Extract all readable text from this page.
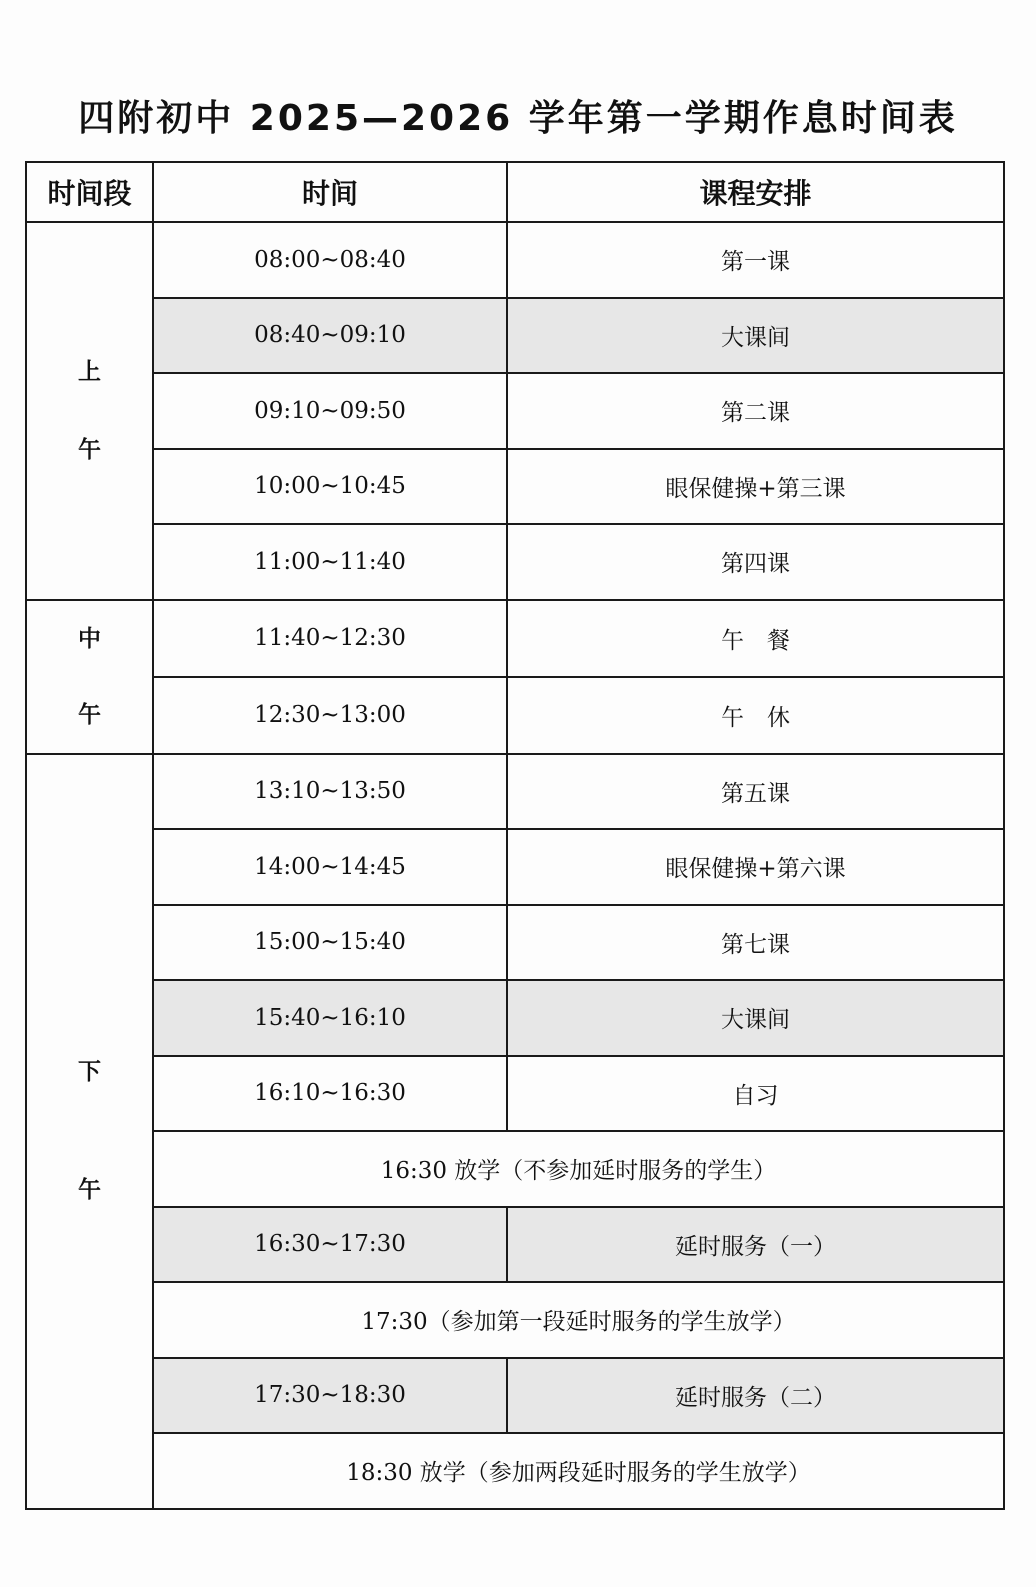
四附初中 2025—2026 学年第一学期作息时间表
时间段	时间	课程安排
上午	08:00~08:40	第一课
	08:40~09:10	大课间
	09:10~09:50	第二课
	10:00~10:45	眼保健操+第三课
	11:00~11:40	第四课
中午	11:40~12:30	午　餐
	12:30~13:00	午　休
下午	13:10~13:50	第五课
	14:00~14:45	眼保健操+第六课
	15:00~15:40	第七课
	15:40~16:10	大课间
	16:10~16:30	自习
	16:30 放学（不参加延时服务的学生）	
	16:30~17:30	延时服务（一）
	17:30（参加第一段延时服务的学生放学）	
	17:30~18:30	延时服务（二）
	18:30 放学（参加两段延时服务的学生放学）	
